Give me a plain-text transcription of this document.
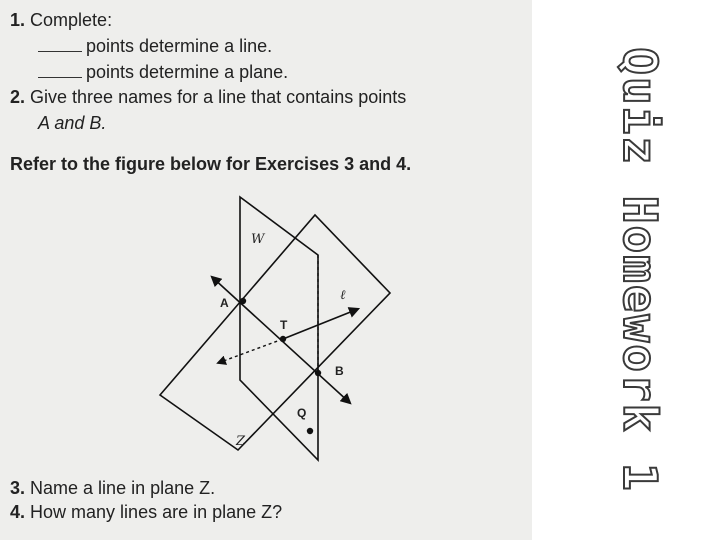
1. Complete:
points determine a line.
points determine a plane.
2. Give three names for a line that contains points
A and B.
Refer to the figure below for Exercises 3 and 4.
W
Z
ℓ
A
T
B
Q
3. Name a line in plane Z.
4. How many lines are in plane Z?
Quiz Homework 1
